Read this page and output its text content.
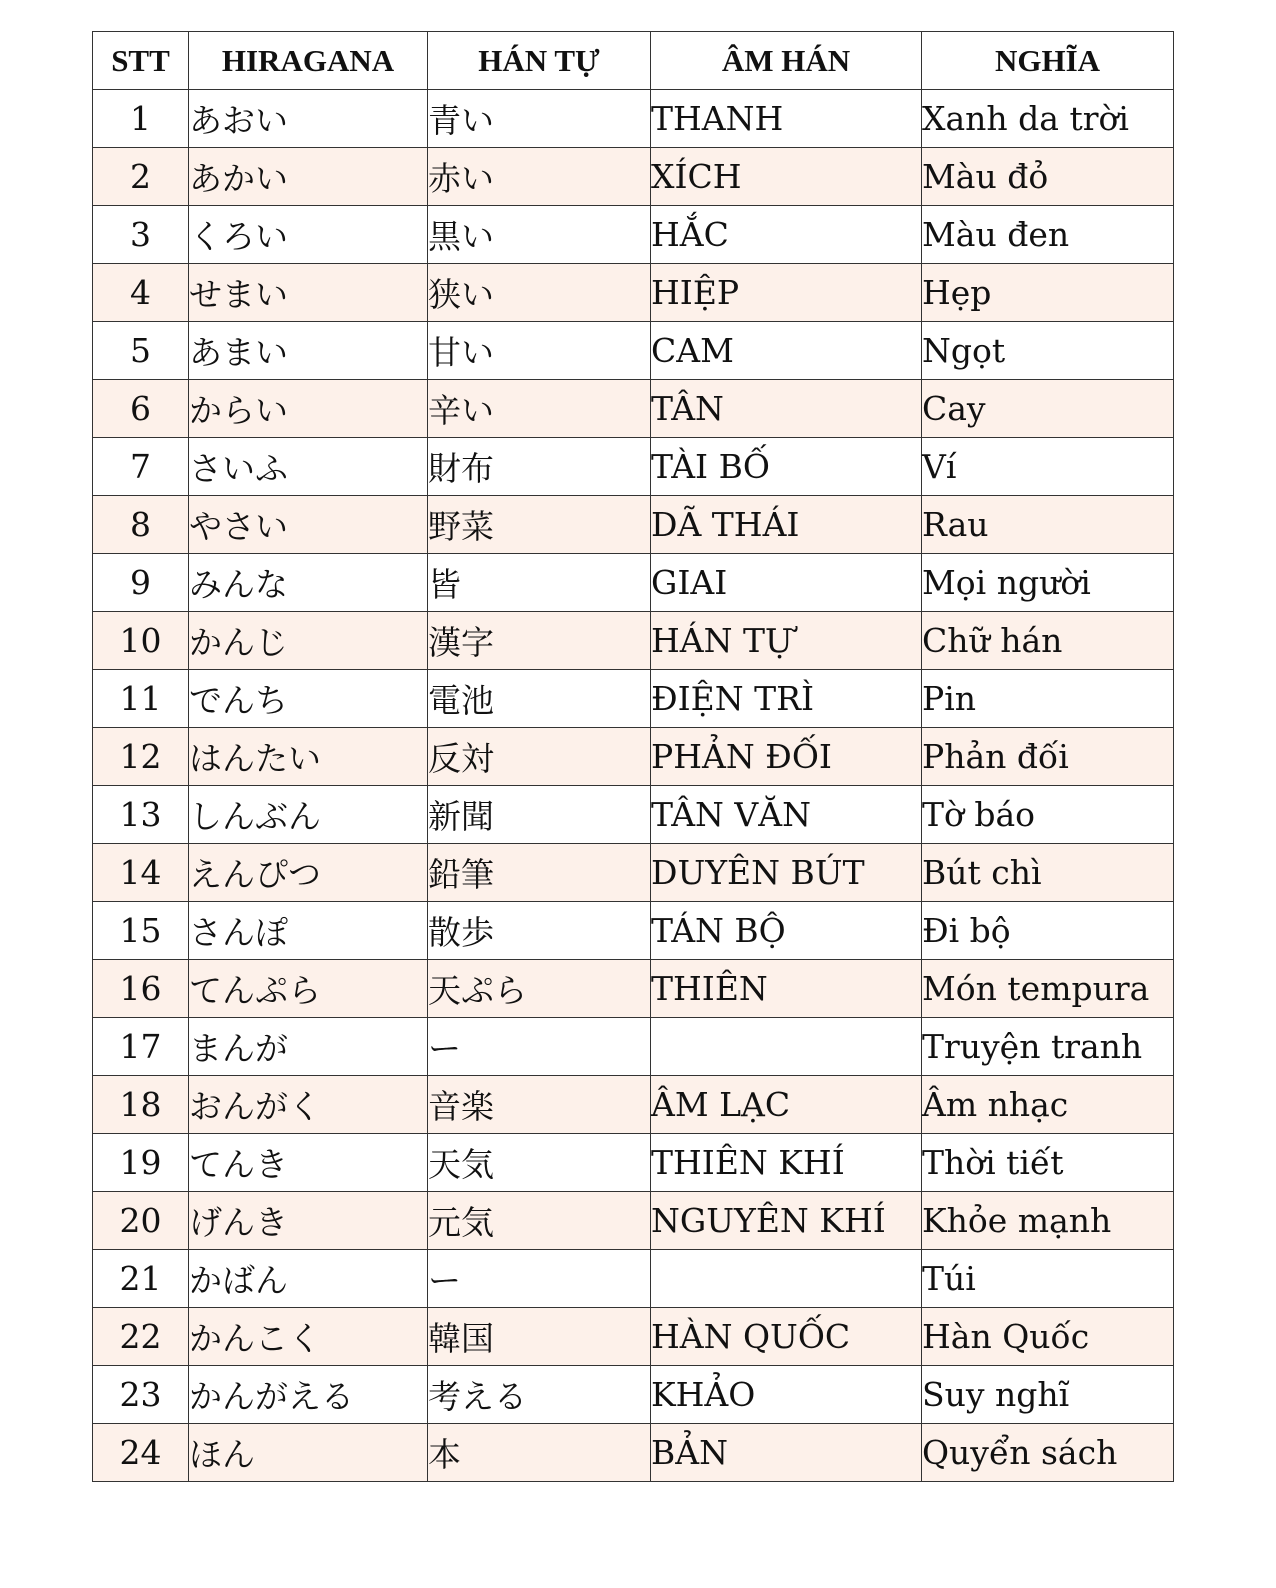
STT	HIRAGANA	HÁN TỰ	ÂM HÁN	NGHĨA
1	あおい	青い	THANH	Xanh da trời
2	あかい	赤い	XÍCH	Màu đỏ
3	くろい	黒い	HẮC	Màu đen
4	せまい	狭い	HIỆP	Hẹp
5	あまい	甘い	CAM	Ngọt
6	からい	辛い	TÂN	Cay
7	さいふ	財布	TÀI BỐ	Ví
8	やさい	野菜	DÃ THÁI	Rau
9	みんな	皆	GIAI	Mọi người
10	かんじ	漢字	HÁN TỰ	Chữ hán
11	でんち	電池	ĐIỆN TRÌ	Pin
12	はんたい	反対	PHẢN ĐỐI	Phản đối
13	しんぶん	新聞	TÂN VĂN	Tờ báo
14	えんぴつ	鉛筆	DUYÊN BÚT	Bút chì
15	さんぽ	散歩	TÁN BỘ	Đi bộ
16	てんぷら	天ぷら	THIÊN	Món tempura
17	まんが	ー		Truyện tranh
18	おんがく	音楽	ÂM LẠC	Âm nhạc
19	てんき	天気	THIÊN KHÍ	Thời tiết
20	げんき	元気	NGUYÊN KHÍ	Khỏe mạnh
21	かばん	ー		Túi
22	かんこく	韓国	HÀN QUỐC	Hàn Quốc
23	かんがえる	考える	KHẢO	Suy nghĩ
24	ほん	本	BẢN	Quyển sách
